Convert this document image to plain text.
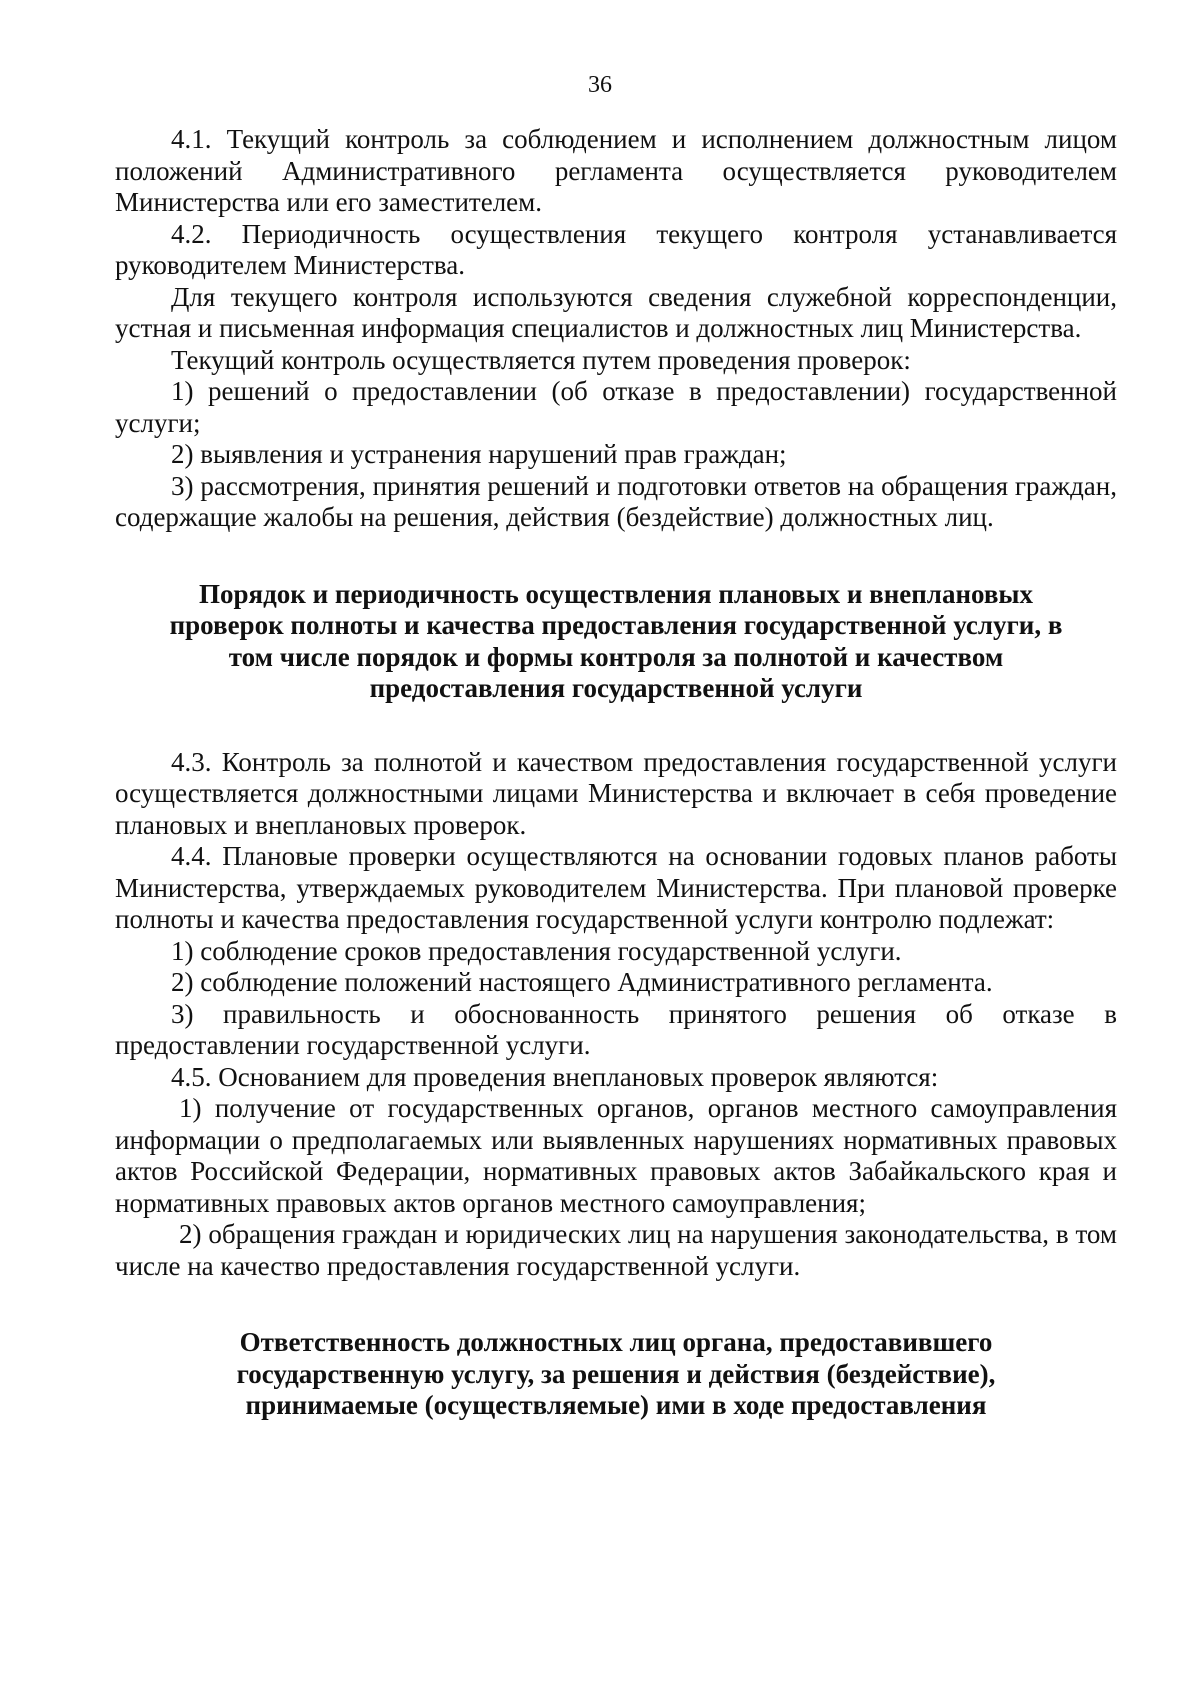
36

4.1. Текущий контроль за соблюдением и исполнением должностным лицом положений Административного регламента осуществляется руководителем Министерства или его заместителем.

4.2. Периодичность осуществления текущего контроля устанавливается руководителем Министерства.

Для текущего контроля используются сведения служебной корреспонденции, устная и письменная информация специалистов и должностных лиц Министерства.

Текущий контроль осуществляется путем проведения проверок:

1) решений о предоставлении (об отказе в предоставлении) государственной услуги;

2) выявления и устранения нарушений прав граждан;

3) рассмотрения, принятия решений и подготовки ответов на обращения граждан, содержащие жалобы на решения, действия (бездействие) должностных лиц.

Порядок и периодичность осуществления плановых и внеплановых проверок полноты и качества предоставления государственной услуги, в том числе порядок и формы контроля за полнотой и качеством предоставления государственной услуги

4.3. Контроль за полнотой и качеством предоставления государственной услуги осуществляется должностными лицами Министерства и включает в себя проведение плановых и внеплановых проверок.

4.4. Плановые проверки осуществляются на основании годовых планов работы Министерства, утверждаемых руководителем Министерства. При плановой проверке полноты и качества предоставления государственной услуги контролю подлежат:

1) соблюдение сроков предоставления государственной услуги.

2) соблюдение положений настоящего Административного регламента.

3) правильность и обоснованность принятого решения об отказе в предоставлении государственной услуги.

4.5. Основанием для проведения внеплановых проверок являются:

1) получение от государственных органов, органов местного самоуправления информации о предполагаемых или выявленных нарушениях нормативных правовых актов Российской Федерации, нормативных правовых актов Забайкальского края и нормативных правовых актов органов местного самоуправления;

2) обращения граждан и юридических лиц на нарушения законодательства, в том числе на качество предоставления государственной услуги.

Ответственность должностных лиц органа, предоставившего государственную услугу, за решения и действия (бездействие), принимаемые (осуществляемые) ими в ходе предоставления
